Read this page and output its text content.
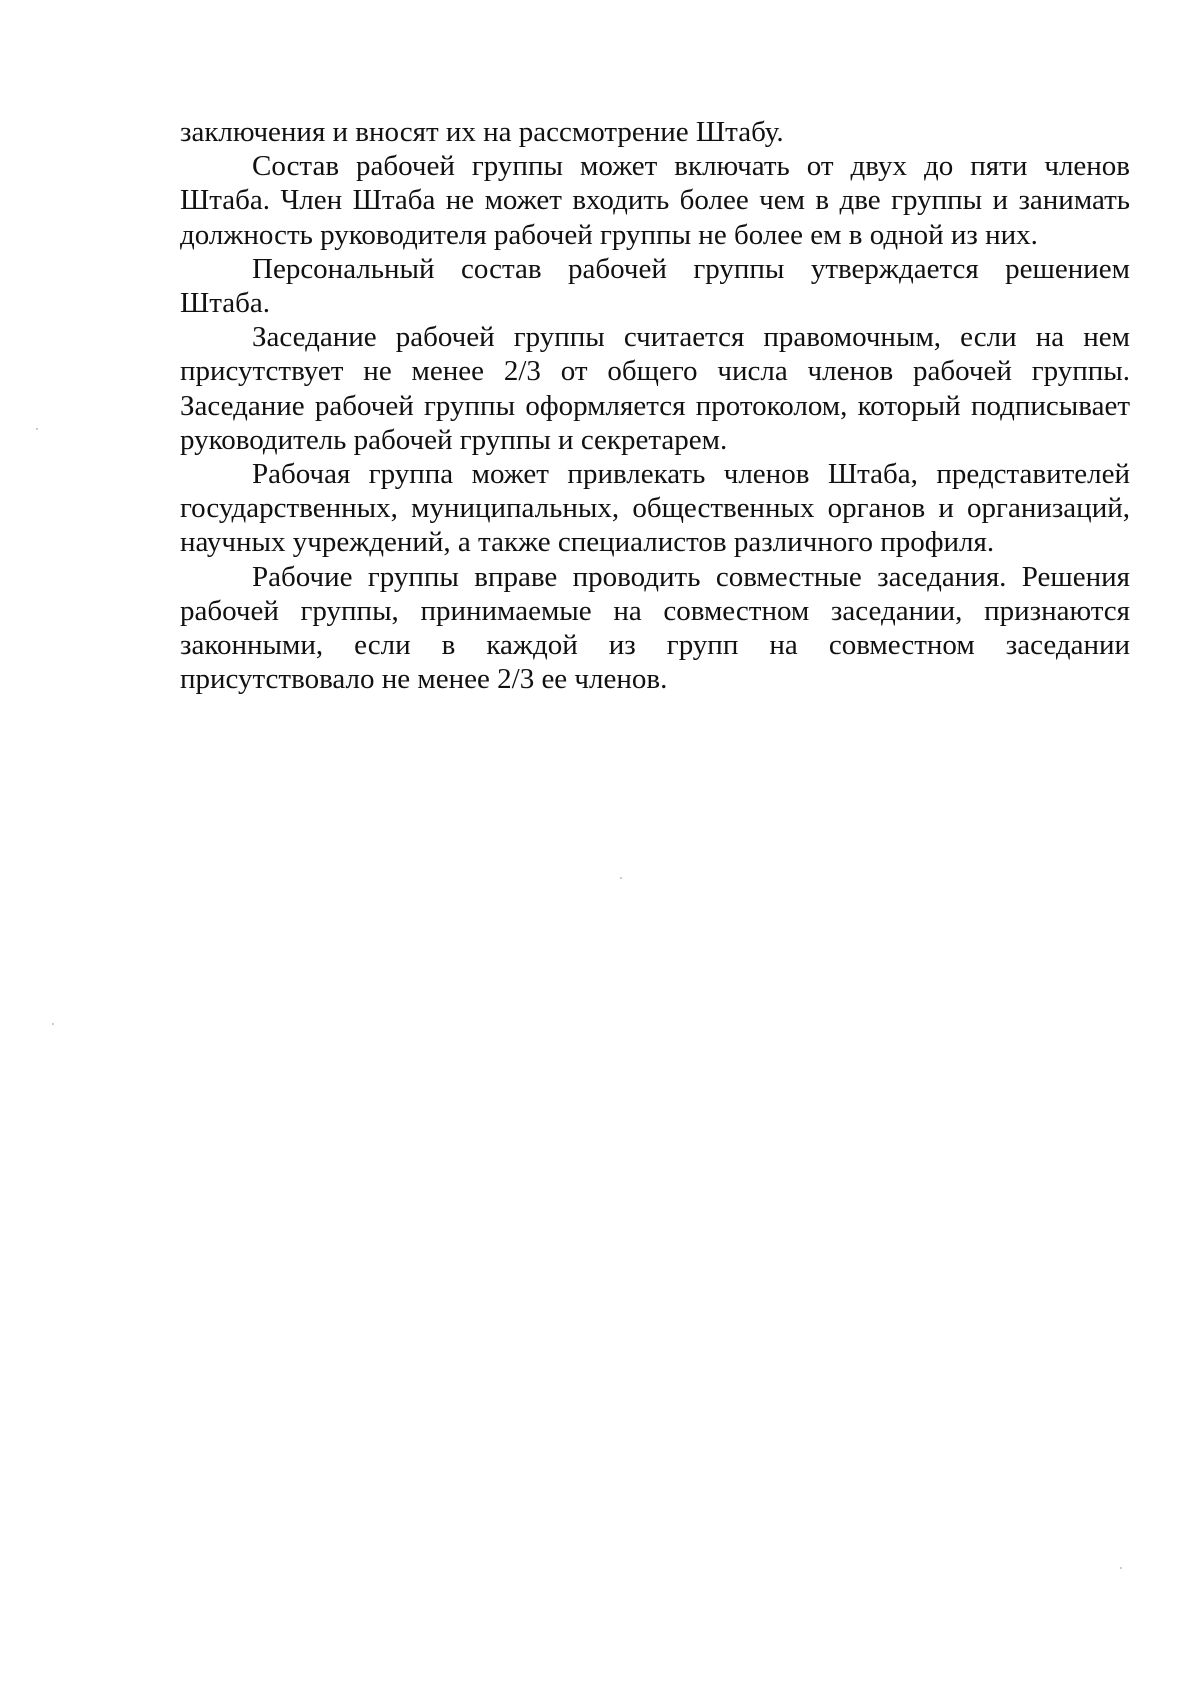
заключения и вносят их на рассмотрение Штабу.

Состав рабочей группы может включать от двух до пяти членов Штаба. Член Штаба не может входить более чем в две группы и занимать должность руководителя рабочей группы не более ем в одной из них.

Персональный состав рабочей группы утверждается решением Штаба.

Заседание рабочей группы считается правомочным, если на нем присутствует не менее 2/3 от общего числа членов рабочей группы. Заседание рабочей группы оформляется протоколом, который подписывает руководитель рабочей группы и секретарем.

Рабочая группа может привлекать членов Штаба, представителей государственных, муниципальных, общественных органов и организаций, научных учреждений, а также специалистов различного профиля.

Рабочие группы вправе проводить совместные заседания. Решения рабочей группы, принимаемые на совместном заседании, признаются законными, если в каждой из групп на совместном заседании присутствовало не менее 2/3 ее членов.
